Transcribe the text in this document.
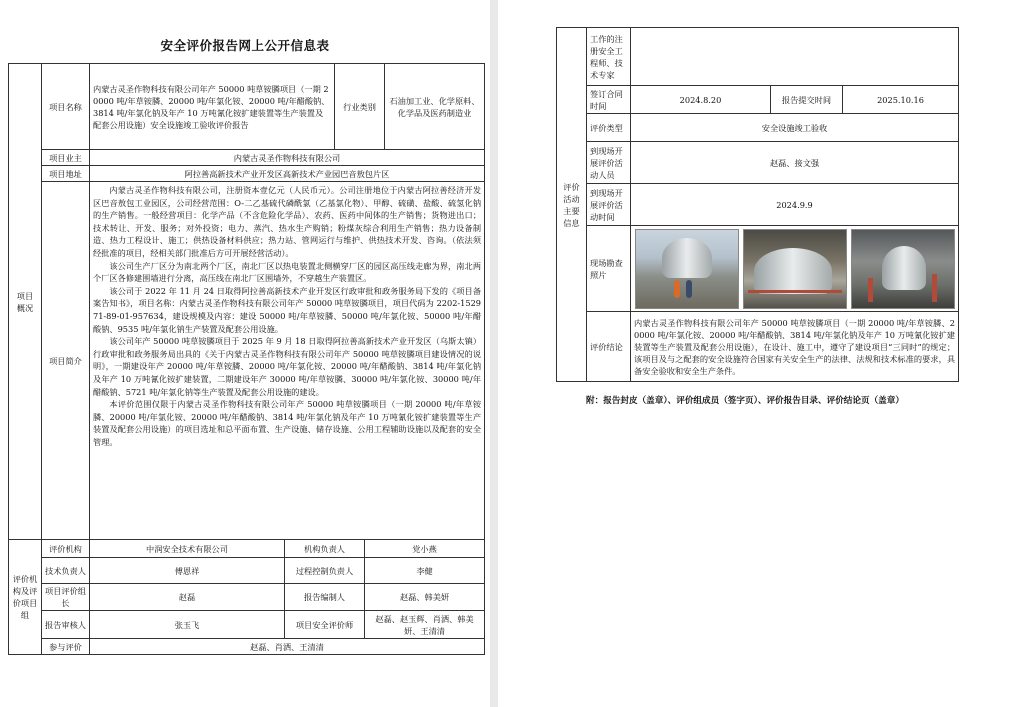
安全评价报告网上公开信息表
项目
概况	项目名称	内蒙古灵圣作物科技有限公司年产 50000 吨草铵膦项目（一期 20000 吨/年草铵膦、20000 吨/年氯化铵、20000 吨/年醋酸钠、3814 吨/年氯化钠及年产 10 万吨氰化铵扩建装置等生产装置及配套公用设施）安全设施竣工验收评价报告		行业类别		石油加工业、化学原料、化学品及医药制造业
	项目业主	内蒙古灵圣作物科技有限公司				
	项目地址	阿拉善高新技术产业开发区高新技术产业园巴音敖包片区				
	项目简介	内蒙古灵圣作物科技有限公司，注册资本壹亿元（人民币元）。公司注册地位于内蒙古阿拉善经济开发区巴音敖包工业园区，公司经营范围：O-二乙基硫代磷酰氯（乙基氯化物）、甲醇、硫磺、盐酸、硫氢化钠的生产销售。一般经营项目：化学产品（不含危险化学品）、农药、医药中间体的生产销售；货物进出口；技术转让、开发、服务；对外投资；电力、蒸汽、热水生产购销；粉煤灰综合利用生产销售；热力设备制造、热力工程设计、施工；供热设备材料供应；热力站、管网运行与维护、供热技术开发、咨询。（依法须经批准的项目，经相关部门批准后方可开展经营活动）。

该公司生产厂区分为南北两个厂区，南北厂区以热电装置北侧横穿厂区的园区高压线走廊为界，南北两个厂区各修建围墙进行分离，高压线在南北厂区围墙外，不穿越生产装置区。

该公司于 2022 年 11 月 24 日取得阿拉善高新技术产业开发区行政审批和政务服务局下发的《项目备案告知书》，项目名称：内蒙古灵圣作物科技有限公司年产 50000 吨草铵膦项目，项目代码为 2202-152971-89-01-957634，建设规模及内容：建设 50000 吨/年草铵膦、50000 吨/年氯化铵、50000 吨/年醋酸钠、9535 吨/年氯化钠生产装置及配套公用设施。

该公司年产 50000 吨草铵膦项目于 2025 年 9 月 18 日取得阿拉善高新技术产业开发区（乌斯太镇）行政审批和政务服务局出具的《关于内蒙古灵圣作物科技有限公司年产 50000 吨草铵膦项目建设情况的说明》，一期建设年产 20000 吨/年草铵膦、20000 吨/年氯化铵、20000 吨/年醋酸钠、3814 吨/年氯化钠及年产 10 万吨氰化铵扩建装置，二期建设年产 30000 吨/年草铵膦、30000 吨/年氯化铵、30000 吨/年醋酸钠、5721 吨/年氯化钠等生产装置及配套公用设施的建设。

本评价范围仅限于内蒙古灵圣作物科技有限公司年产 50000 吨草铵膦项目（一期 20000 吨/年草铵膦、20000 吨/年氯化铵、20000 吨/年醋酸钠、3814 吨/年氯化钠及年产 10 万吨氰化铵扩建装置等生产装置及配套公用设施）的项目选址和总平面布置、生产设施、储存设施、公用工程辅助设施以及配套的安全管理。				

评价机
构及评
价项目
组	评价机构	中润安全技术有限公司	机构负责人		党小燕	
	技术负责人	傅恩祥	过程控制负责人		李健	
	项目评价组长	赵磊	报告编制人		赵磊、韩美妍	
	报告审核人	张玉飞	项目安全评价师		赵磊、赵玉辉、肖洒、韩美妍、王清清	
	参与评价	赵磊、肖洒、王清清				
评价
活动主要
信息	工作的注册安全工程师、技术专家			
	签订合同时间	2024.8.20	报告提交时间	2025.10.16
	评价类型	安全设施竣工验收		
	到现场开展评价活动人员	赵磊、接文强		
	到现场开展评价活动时间	2024.9.9		
	现场勘查照片			

	评价结论	内蒙古灵圣作物科技有限公司年产 50000 吨草铵膦项目（一期 20000 吨/年草铵膦、20000 吨/年氯化铵、20000 吨/年醋酸钠、3814 吨/年氯化钠及年产 10 万吨氰化铵扩建装置等生产装置及配套公用设施），在设计、施工中，遵守了建设项目“三同时”的规定；该项目及与之配套的安全设施符合国家有关安全生产的法律、法规和技术标准的要求，具备安全验收和安全生产条件。		
附：报告封皮（盖章）、评价组成员（签字页）、评价报告目录、评价结论页（盖章）
